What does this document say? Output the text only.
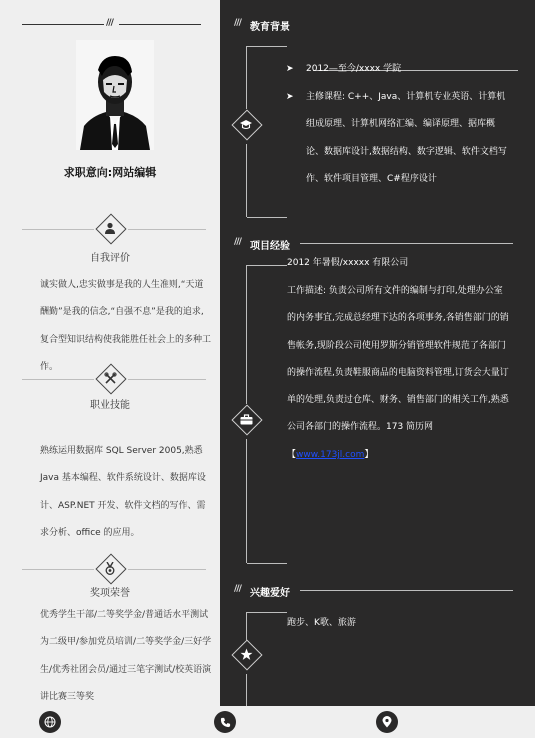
///
求职意向:网站编辑
自我评价
诚实做人,忠实做事是我的人生准则,“天道酬勤”是我的信念,“自强不息”是我的追求,复合型知识结构使我能胜任社会上的多种工作。
职业技能
熟练运用数据库 SQL Server 2005,熟悉 Java 基本编程、软件系统设计、数据库设计、ASP.NET 开发、软件文档的写作、需求分析、office 的应用。
奖项荣誉
优秀学生干部/二等奖学金/普通话水平测试为二级甲/参加党员培训/二等奖学金/三好学生/优秀社团会员/通过三笔字测试/校英语演讲比赛三等奖
/// 教育背景
➤ 2012—至今/xxxx 学院
➤ 主修课程: C++、Java、计算机专业英语、计算机组成原理、计算机网络汇编、编译原理、据库概论、数据库设计,数据结构、数字逻辑、软件文档写作、软件项目管理、C#程序设计
/// 项目经验
2012 年暑假/xxxxx 有限公司
工作描述: 负责公司所有文件的编制与打印,处理办公室的内务事宜,完成总经理下达的各项事务,各销售部门的销售帐务,现阶段公司使用罗斯分销管理软件规范了各部门的操作流程,负责鞋服商品的电脑资料管理,订货会大量订单的处理,负责过仓库、财务、销售部门的相关工作,熟悉公司各部门的操作流程。173 简历网【www.173jl.com】
/// 兴趣爱好
跑步、K歌、旅游
